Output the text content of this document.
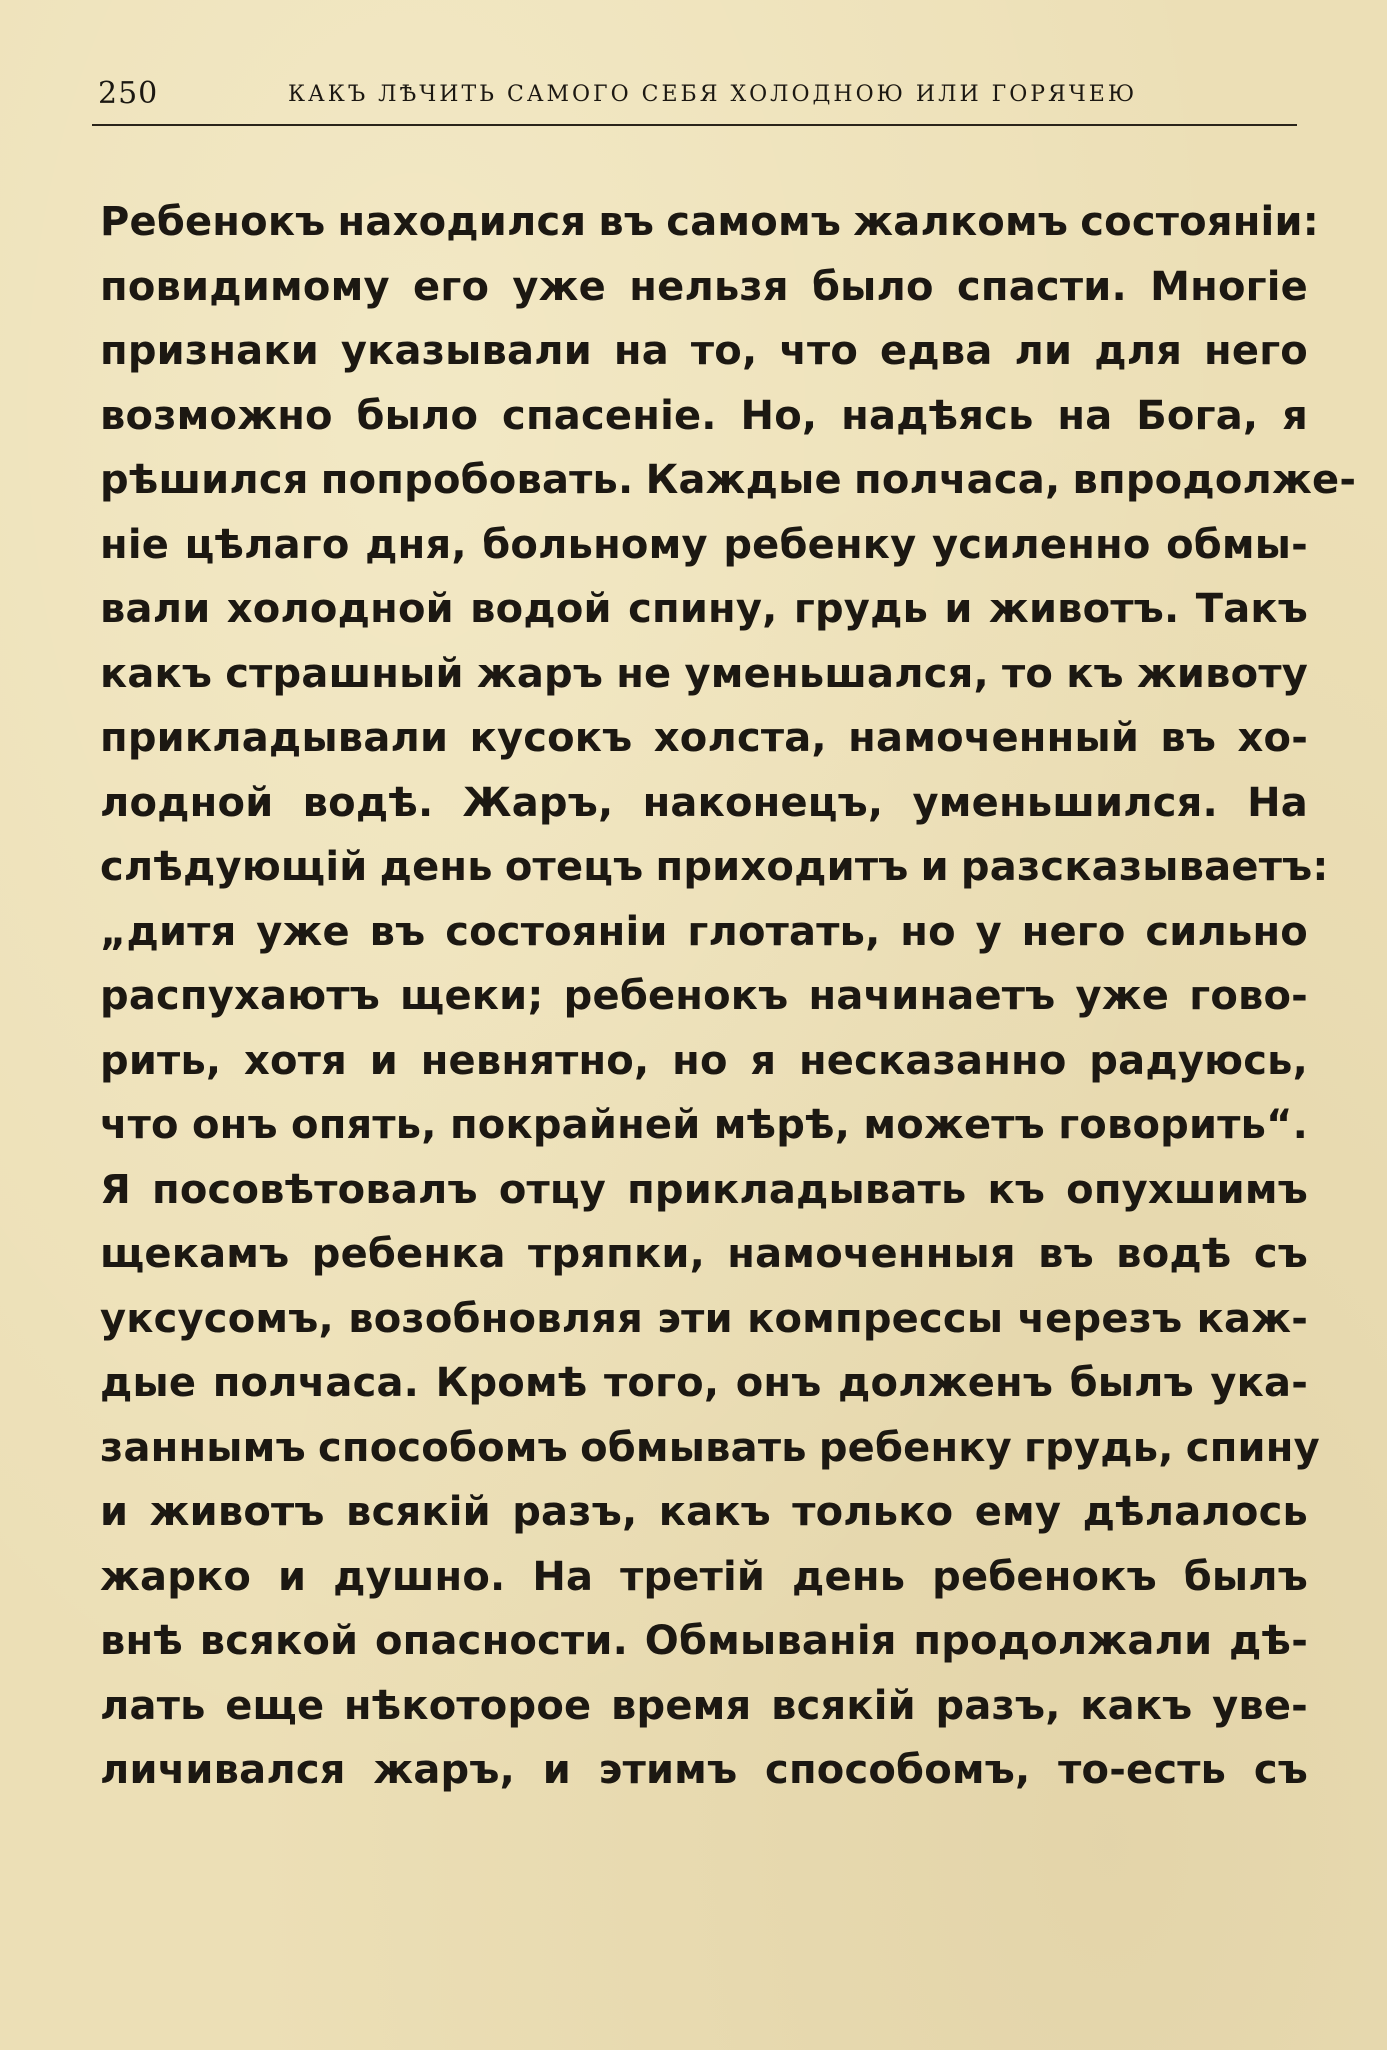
250	КАКЪ ЛѢЧИТЬ САМОГО СЕБЯ ХОЛОДНОЮ ИЛИ ГОРЯЧЕЮ
Ребенокъ находился въ самомъ жалкомъ состояніи:
повидимому его уже нельзя было спасти. Многіе
признаки указывали на то, что едва ли для него
возможно было спасеніе. Но, надѣясь на Бога, я
рѣшился попробовать. Каждые полчаса, впродолже-
ніе цѣлаго дня, больному ребенку усиленно обмы-
вали холодной водой спину, грудь и животъ. Такъ
какъ страшный жаръ не уменьшался, то къ животу
прикладывали кусокъ холста, намоченный въ хо-
лодной водѣ. Жаръ, наконецъ, уменьшился. На
слѣдующій день отецъ приходитъ и разсказываетъ:
„дитя уже въ состояніи глотать, но у него сильно
распухаютъ щеки; ребенокъ начинаетъ уже гово-
рить, хотя и невнятно, но я несказанно радуюсь,
что онъ опять, покрайней мѣрѣ, можетъ говорить“.
Я посовѣтовалъ отцу прикладывать къ опухшимъ
щекамъ ребенка тряпки, намоченныя въ водѣ съ
уксусомъ, возобновляя эти компрессы черезъ каж-
дые полчаса. Кромѣ того, онъ долженъ былъ ука-
заннымъ способомъ обмывать ребенку грудь, спину
и животъ всякій разъ, какъ только ему дѣлалось
жарко и душно. На третій день ребенокъ былъ
внѣ всякой опасности. Обмыванія продолжали дѣ-
лать еще нѣкоторое время всякій разъ, какъ уве-
личивался жаръ, и этимъ способомъ, то-есть съ
